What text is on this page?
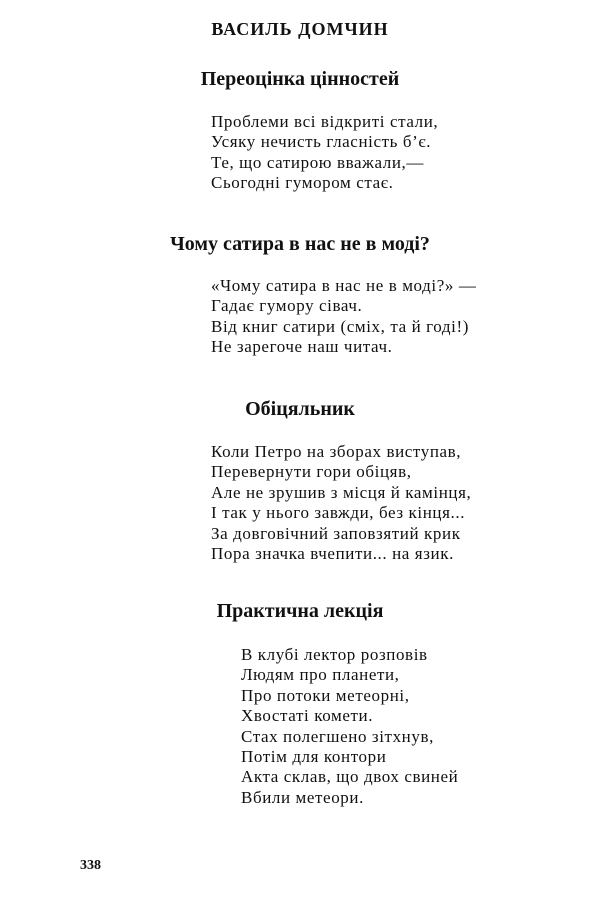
ВАСИЛЬ ДОМЧИН
Переоцінка цінностей
Проблеми всі відкриті стали,
Усяку нечисть гласність б’є.
Те, що сатирою вважали,—
Сьогодні гумором стає.
Чому сатира в нас не в моді?
«Чому сатира в нас не в моді?» —
Гадає гумору сівач.
Від книг сатири (сміх, та й годі!)
Не зарегоче наш читач.
Обіцяльник
Коли Петро на зборах виступав,
Перевернути гори обіцяв,
Але не зрушив з місця й камінця,
І так у нього завжди, без кінця...
За довговічний заповзятий крик
Пора значка вчепити... на язик.
Практична лекція
В клубі лектор розповів
Людям про планети,
Про потоки метеорні,
Хвостаті комети.
Стах полегшено зітхнув,
Потім для контори
Акта склав, що двох свиней
Вбили метеори.
338
